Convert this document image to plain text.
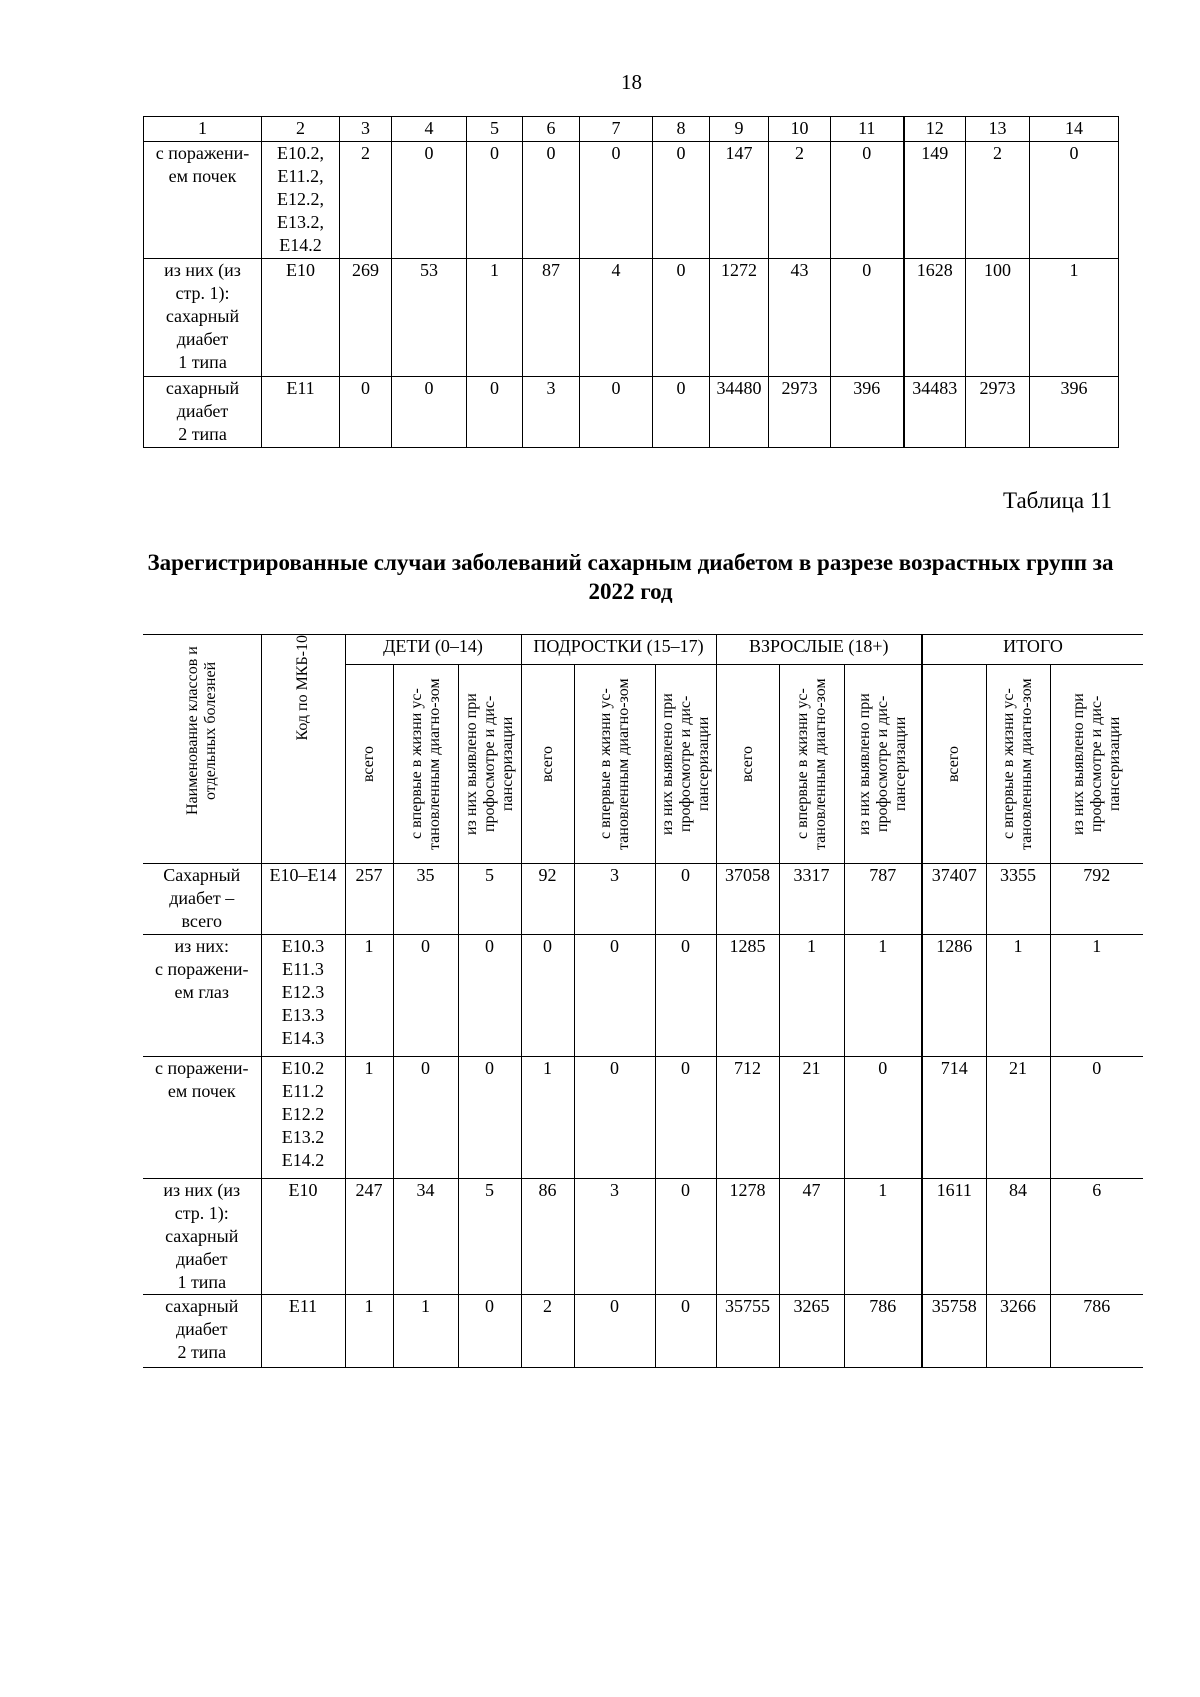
18
1	2	3	4	5	6	7	8	9	10	11	12	13	14
с поражени-
ем почек	E10.2,
E11.2,
E12.2,
E13.2,
E14.2	2	0	0	0	0	0	147	2	0	149	2	0
из них (из
стр. 1):
сахарный
диабет
1 типа	E10	269	53	1	87	4	0	1272	43	0	1628	100	1
сахарный
диабет
2 типа	E11	0	0	0	3	0	0	34480	2973	396	34483	2973	396
Таблица 11
Зарегистрированные случаи заболеваний сахарным диабетом в разрезе возрастных групп за 2022 год
Наименование классов и отдельных болезней	Код по МКБ-10	ДЕТИ (0–14)			ПОДРОСТКИ (15–17)			ВЗРОСЛЫЕ (18+)			ИТОГО		

		всего	с впервые в жизни ус-тановленным диагно-зом	из них выявлено при профосмотре и дис-пансеризации	всего	с впервые в жизни ус-тановленным диагно-зом	из них выявлено при профосмотре и дис-пансеризации	всего	с впервые в жизни ус-тановленным диагно-зом	из них выявлено при профосмотре и дис-пансеризации	всего	с впервые в жизни ус-тановленным диагно-зом	из них выявлено при профосмотре и дис-пансеризации

Сахарный
диабет –
всего	E10–E14	257	35	5	92	3	0	37058	3317	787	37407	3355	792
из них:
с поражени-
ем глаз	E10.3
E11.3
E12.3
E13.3
E14.3	1	0	0	0	0	0	1285	1	1	1286	1	1
с поражени-
ем почек	E10.2
E11.2
E12.2
E13.2
E14.2	1	0	0	1	0	0	712	21	0	714	21	0
из них (из
стр. 1):
сахарный
диабет
1 типа	E10	247	34	5	86	3	0	1278	47	1	1611	84	6
сахарный
диабет
2 типа	E11	1	1	0	2	0	0	35755	3265	786	35758	3266	786
